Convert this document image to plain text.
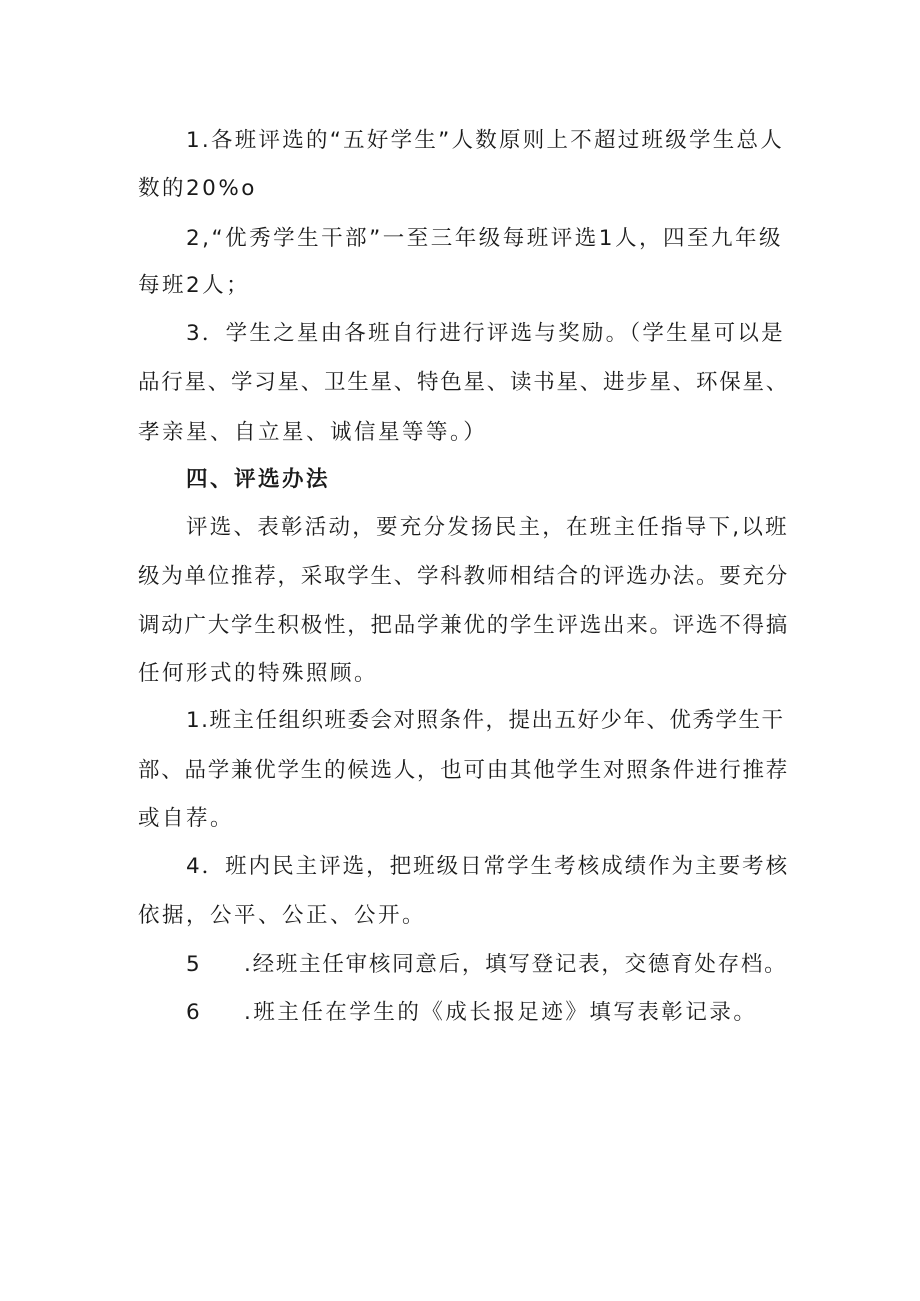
1.各班评选的“五好学生”人数原则上不超过班级学生总人
数的20%o
2,“优秀学生干部”一至三年级每班评选1人，四至九年级
每班2人；
3．学生之星由各班自行进行评选与奖励。（学生星可以是
品行星、学习星、卫生星、特色星、读书星、进步星、环保星、
孝亲星、自立星、诚信星等等。）
四、评选办法
评选、表彰活动，要充分发扬民主，在班主任指导下,以班
级为单位推荐，采取学生、学科教师相结合的评选办法。要充分
调动广大学生积极性，把品学兼优的学生评选出来。评选不得搞
任何形式的特殊照顾。
1.班主任组织班委会对照条件，提出五好少年、优秀学生干
部、品学兼优学生的候选人，也可由其他学生对照条件进行推荐
或自荐。
4．班内民主评选，把班级日常学生考核成绩作为主要考核
依据，公平、公正、公开。
5 .经班主任审核同意后，填写登记表，交德育处存档。
6 .班主任在学生的《成长报足迹》填写表彰记录。
